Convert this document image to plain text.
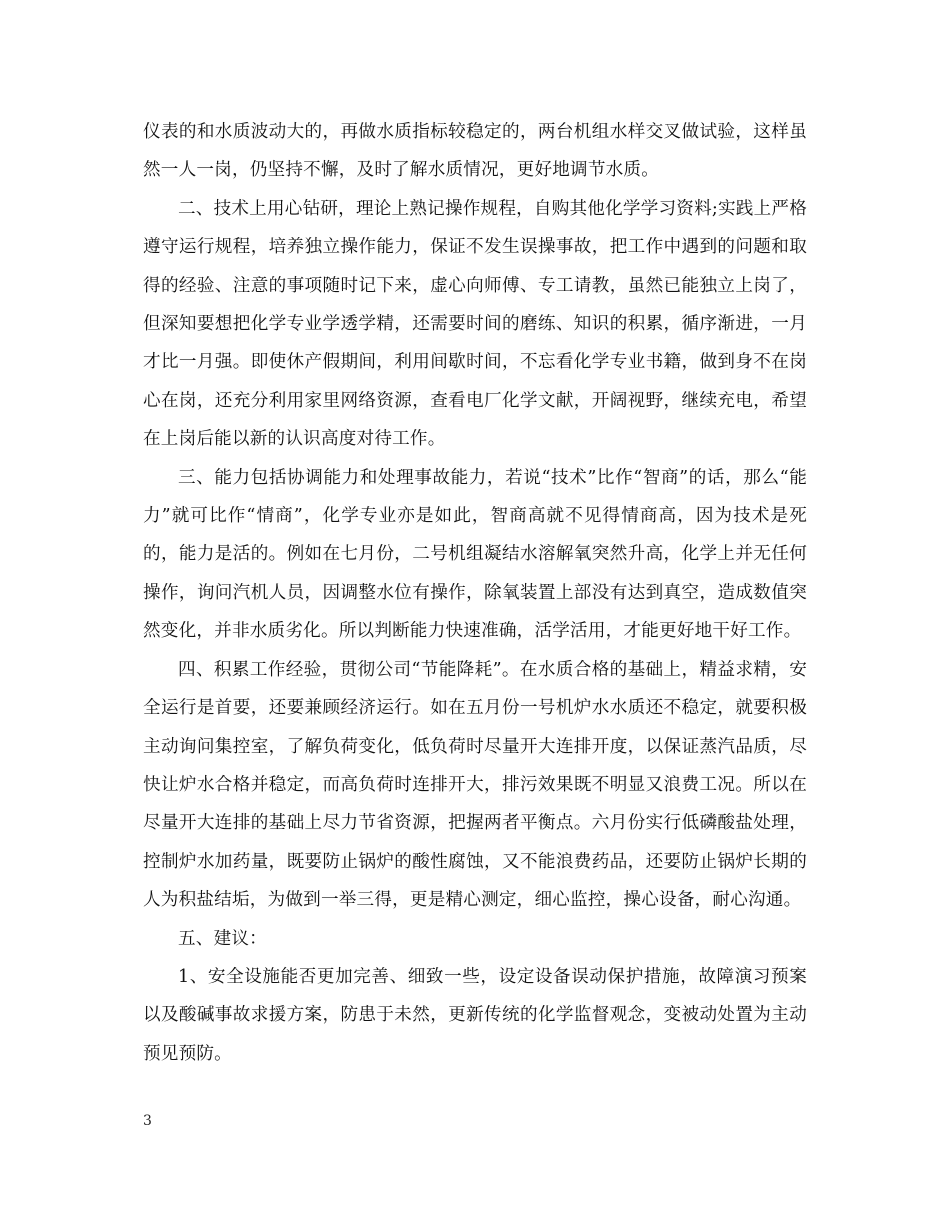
仪表的和水质波动大的，再做水质指标较稳定的，两台机组水样交叉做试验，这样虽然一人一岗，仍坚持不懈，及时了解水质情况，更好地调节水质。

二、技术上用心钻研，理论上熟记操作规程，自购其他化学学习资料;实践上严格遵守运行规程，培养独立操作能力，保证不发生误操事故，把工作中遇到的问题和取得的经验、注意的事项随时记下来，虚心向师傅、专工请教，虽然已能独立上岗了，但深知要想把化学专业学透学精，还需要时间的磨练、知识的积累，循序渐进，一月才比一月强。即使休产假期间，利用间歇时间，不忘看化学专业书籍，做到身不在岗心在岗，还充分利用家里网络资源，查看电厂化学文献，开阔视野，继续充电，希望在上岗后能以新的认识高度对待工作。

三、能力包括协调能力和处理事故能力，若说“技术”比作“智商”的话，那么“能力”就可比作“情商”，化学专业亦是如此，智商高就不见得情商高，因为技术是死的，能力是活的。例如在七月份，二号机组凝结水溶解氧突然升高，化学上并无任何操作，询问汽机人员，因调整水位有操作，除氧装置上部没有达到真空，造成数值突然变化，并非水质劣化。所以判断能力快速准确，活学活用，才能更好地干好工作。

四、积累工作经验，贯彻公司“节能降耗”。在水质合格的基础上，精益求精，安全运行是首要，还要兼顾经济运行。如在五月份一号机炉水水质还不稳定，就要积极主动询问集控室，了解负荷变化，低负荷时尽量开大连排开度，以保证蒸汽品质，尽快让炉水合格并稳定，而高负荷时连排开大，排污效果既不明显又浪费工况。所以在尽量开大连排的基础上尽力节省资源，把握两者平衡点。六月份实行低磷酸盐处理，控制炉水加药量，既要防止锅炉的酸性腐蚀，又不能浪费药品，还要防止锅炉长期的人为积盐结垢，为做到一举三得，更是精心测定，细心监控，操心设备，耐心沟通。

五、建议：

1、安全设施能否更加完善、细致一些，设定设备误动保护措施，故障演习预案以及酸碱事故求援方案，防患于未然，更新传统的化学监督观念，变被动处置为主动预见预防。

3
